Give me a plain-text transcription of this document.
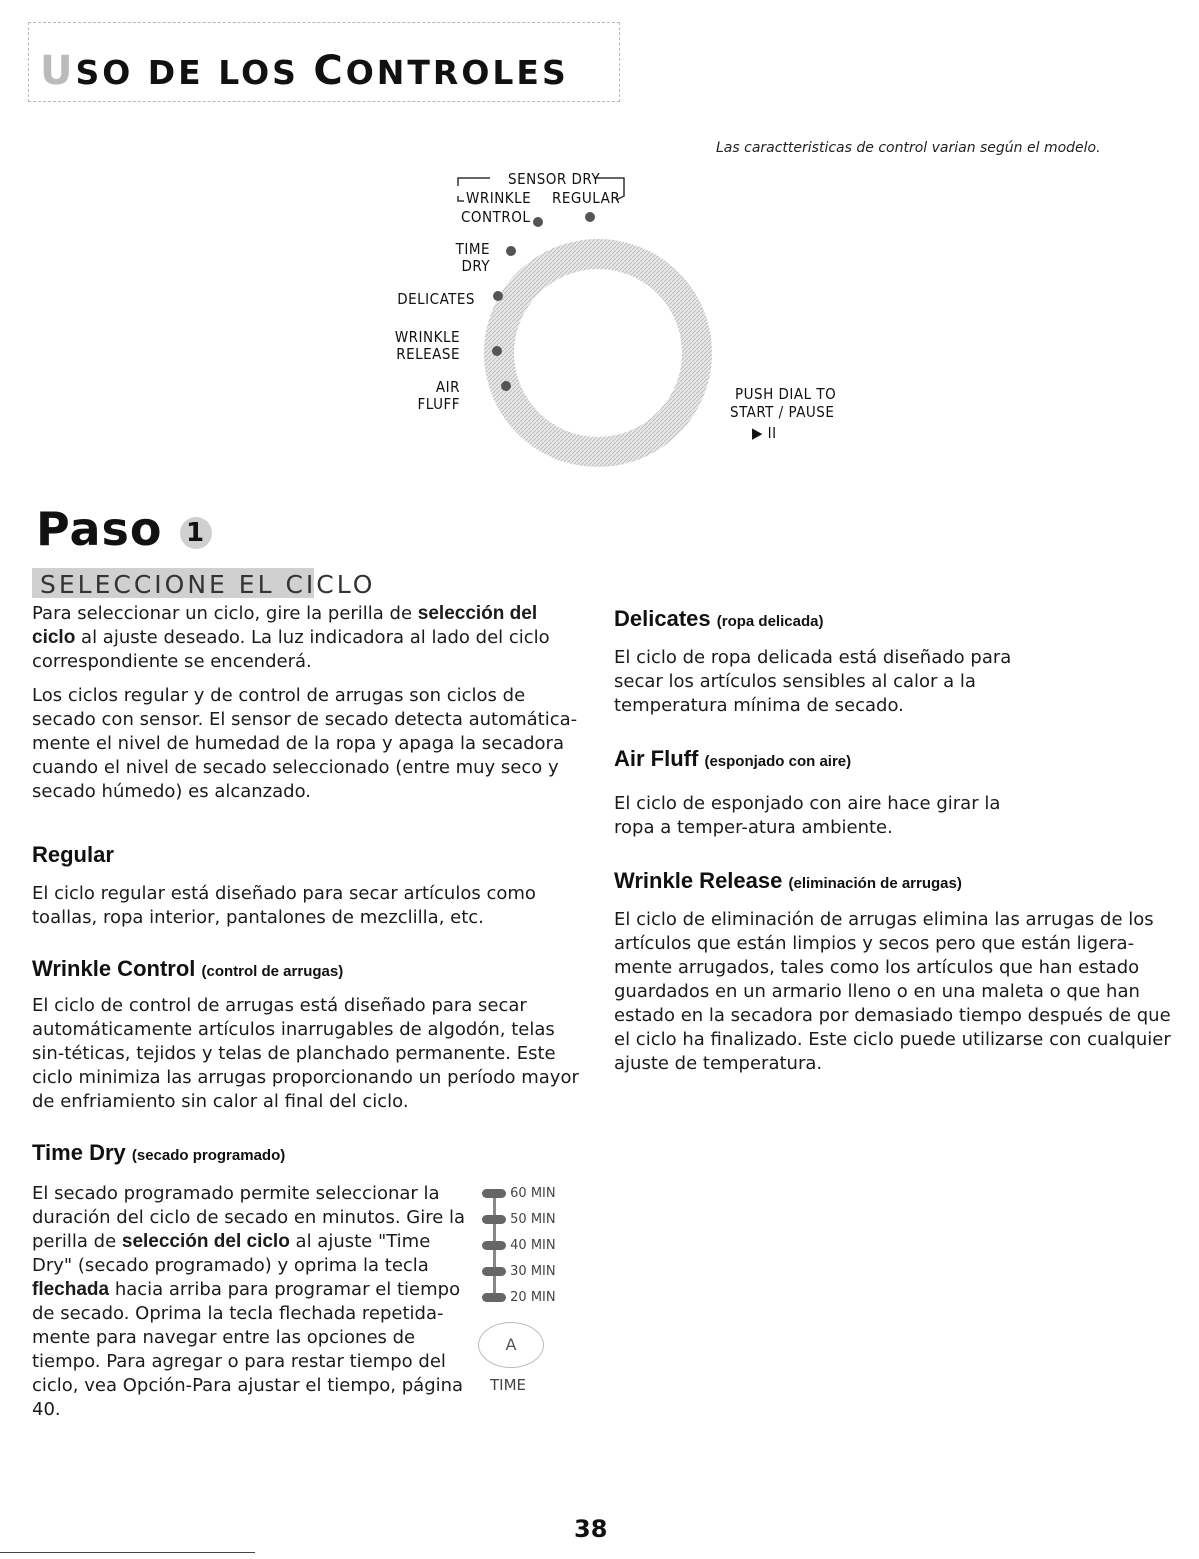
USO DE LOS CONTROLES
Las caractteristicas de control varian según el modelo.
SENSOR DRY
WRINKLE REGULAR
CONTROL
TIME
DRY
DELICATES
WRINKLE
RELEASE
AIR
FLUFF
PUSH DIAL TO
START / PAUSE
▶ II
Paso 1
SELECCIONE EL CICLO

Para seleccionar un ciclo, gire la perilla de selección del ciclo al ajuste deseado. La luz indicadora al lado del ciclo correspondiente se encenderá.

Los ciclos regular y de control de arrugas son ciclos de secado con sensor. El sensor de secado detecta automática-mente el nivel de humedad de la ropa y apaga la secadora cuando el nivel de secado seleccionado (entre muy seco y secado húmedo) es alcanzado.

Regular
El ciclo regular está diseñado para secar artículos como toallas, ropa interior, pantalones de mezclilla, etc.
Wrinkle Control (control de arrugas)
El ciclo de control de arrugas está diseñado para secar automáticamente artículos inarrugables de algodón, telas sin-téticas, tejidos y telas de planchado permanente. Este ciclo minimiza las arrugas proporcionando un período mayor de enfriamiento sin calor al final del ciclo.
Time Dry (secado programado)
El secado programado permite seleccionar la duración del ciclo de secado en minutos. Gire la perilla de selección del ciclo al ajuste "Time Dry" (secado programado) y oprima la tecla flechada hacia arriba para programar el tiempo de secado. Oprima la tecla flechada repetida-mente para navegar entre las opciones de tiempo. Para agregar o para restar tiempo del ciclo, vea Opción-Para ajustar el tiempo, página 40.
60 MIN
50 MIN
40 MIN
30 MIN
20 MIN
A
TIME
Delicates (ropa delicada)
El ciclo de ropa delicada está diseñado para secar los artículos sensibles al calor a la temperatura mínima de secado.
Air Fluff (esponjado con aire)
El ciclo de esponjado con aire hace girar la ropa a temper-atura ambiente.
Wrinkle Release (eliminación de arrugas)
El ciclo de eliminación de arrugas elimina las arrugas de los artículos que están limpios y secos pero que están ligera-mente arrugados, tales como los artículos que han estado guardados en un armario lleno o en una maleta o que han estado en la secadora por demasiado tiempo después de que el ciclo ha finalizado. Este ciclo puede utilizarse con cualquier ajuste de temperatura.
38
